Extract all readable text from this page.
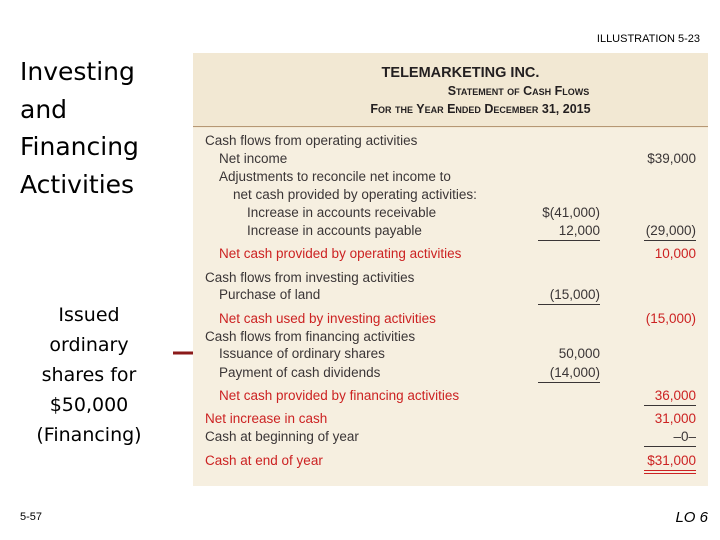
ILLUSTRATION 5-23
Investing
and
Financing
Activities
Issued
ordinary
shares for
$50,000
(Financing)
TELEMARKETING INC.
Statement of Cash Flows
For the Year Ended December 31, 2015
Cash flows from operating activities
Net income	$39,000
Adjustments to reconcile net income to
net cash provided by operating activities:
Increase in accounts receivable	$(41,000)
Increase in accounts payable	12,000	(29,000)
Net cash provided by operating activities	10,000
Cash flows from investing activities
Purchase of land	(15,000)
Net cash used by investing activities	(15,000)
Cash flows from financing activities
Issuance of ordinary shares	50,000
Payment of cash dividends	(14,000)
Net cash provided by financing activities	36,000
Net increase in cash	31,000
Cash at beginning of year	–0–
Cash at end of year	$31,000
5-57	LO 6
